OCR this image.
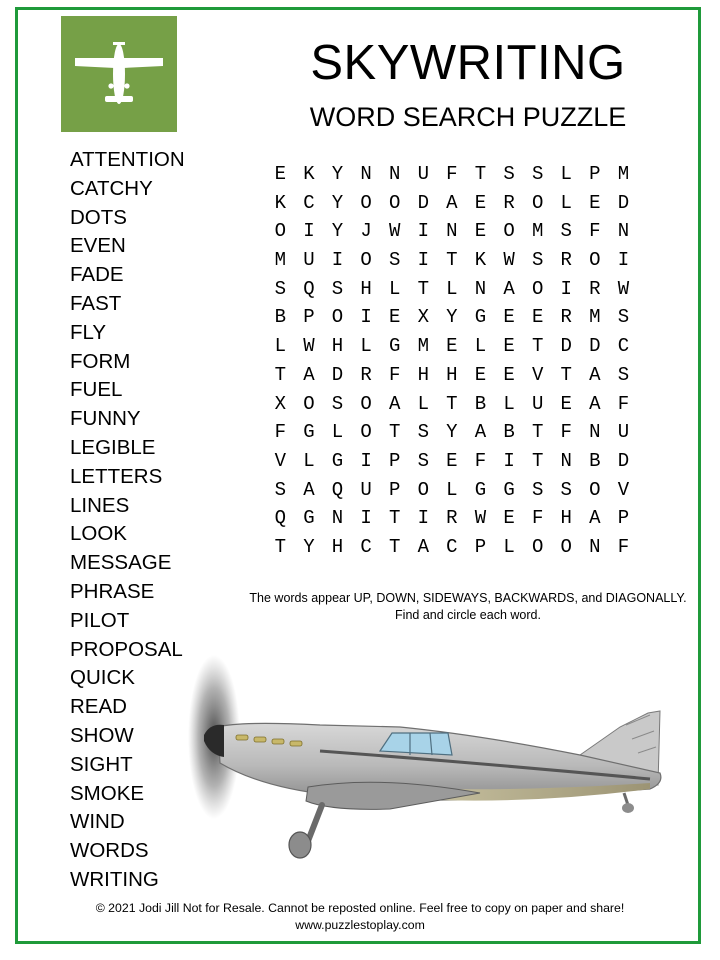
SKYWRITING
WORD SEARCH PUZZLE
ATTENTION
CATCHY
DOTS
EVEN
FADE
FAST
FLY
FORM
FUEL
FUNNY
LEGIBLE
LETTERS
LINES
LOOK
MESSAGE
PHRASE
PILOT
PROPOSAL
QUICK
READ
SHOW
SIGHT
SMOKE
WIND
WORDS
WRITING
E K Y N N U F T S S L P M
K C Y O O D A E R O L E D
O I Y J W I N E O M S F N
M U I O S I T K W S R O I
S Q S H L T L N A O I R W
B P O I E X Y G E E R M S
L W H L G M E L E T D D C
T A D R F H H E E V T A S
X O S O A L T B L U E A F
F G L O T S Y A B T F N U
V L G I P S E F I T N B D
S A Q U P O L G G S S O V
Q G N I T I R W E F H A P
T Y H C T A C P L O O N F
The words appear UP, DOWN, SIDEWAYS, BACKWARDS, and DIAGONALLY.
Find and circle each word.
© 2021 Jodi Jill Not for Resale. Cannot be reposted online. Feel free to copy on paper and share!
www.puzzlestoplay.com
